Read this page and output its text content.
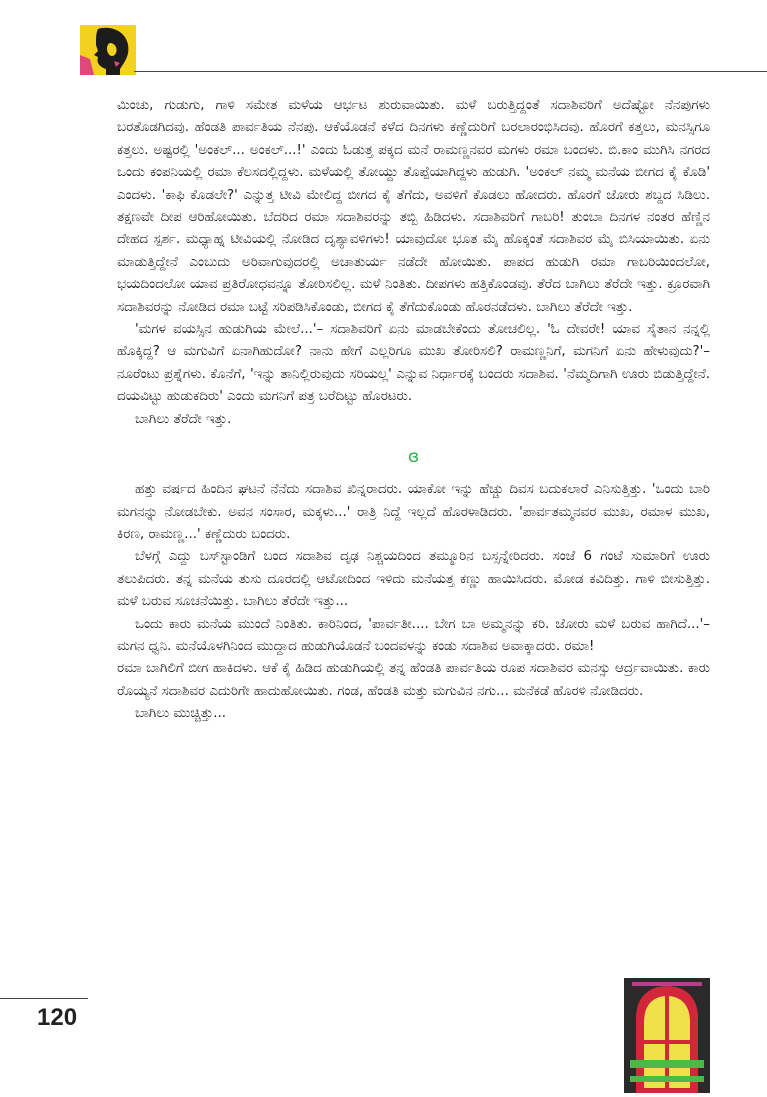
ಮಿಂಚು, ಗುಡುಗು, ಗಾಳಿ ಸಮೇತ ಮಳೆಯ ಆರ್ಭಟ ಶುರುವಾಯಿತು. ಮಳೆ ಬರುತ್ತಿದ್ದಂತೆ ಸದಾಶಿವರಿಗೆ ಅದೆಷ್ಟೋ ನೆನಪುಗಳು ಬರತೊಡಗಿದವು. ಹೆಂಡತಿ ಪಾರ್ವತಿಯ ನೆನಪು. ಆಕೆಯೊಡನೆ ಕಳೆದ ದಿನಗಳು ಕಣ್ಣೆದುರಿಗೆ ಬರಲಾರಂಭಿಸಿದವು. ಹೊರಗೆ ಕತ್ತಲು, ಮನಸ್ಸಿಗೂ ಕತ್ತಲು. ಅಷ್ಟರಲ್ಲಿ 'ಅಂಕಲ್... ಅಂಕಲ್...!' ಎಂದು ಓಡುತ್ತ ಪಕ್ಕದ ಮನೆ ರಾಮಣ್ಣನವರ ಮಗಳು ರಮಾ ಬಂದಳು. ಬಿ.ಕಾಂ ಮುಗಿಸಿ ನಗರದ ಒಂದು ಕಂಪನಿಯಲ್ಲಿ ರಮಾ ಕೆಲಸದಲ್ಲಿದ್ದಳು. ಮಳೆಯಲ್ಲಿ ತೋಯ್ದು ತೊಪ್ಪೆಯಾಗಿದ್ದಳು ಹುಡುಗಿ. 'ಅಂಕಲ್ ನಮ್ಮ ಮನೆಯ ಬೀಗದ ಕೈ ಕೊಡಿ' ಎಂದಳು. 'ಕಾಫಿ ಕೊಡಲೇ?' ಎನ್ನುತ್ತ ಟೀವಿ ಮೇಲಿದ್ದ ಬೀಗದ ಕೈ ತೆಗೆದು, ಅವಳಿಗೆ ಕೊಡಲು ಹೋದರು. ಹೊರಗೆ ಜೋರು ಶಬ್ದದ ಸಿಡಿಲು. ತಕ್ಷಣವೇ ದೀಪ ಆರಿಹೋಯಿತು. ಬೆದರಿದ ರಮಾ ಸದಾಶಿವರನ್ನು ತಬ್ಬಿ ಹಿಡಿದಳು. ಸದಾಶಿವರಿಗೆ ಗಾಬರಿ! ತುಂಬಾ ದಿನಗಳ ನಂತರ ಹೆಣ್ಣಿನ ದೇಹದ ಸ್ಪರ್ಶ. ಮಧ್ಯಾಹ್ನ ಟೀವಿಯಲ್ಲಿ ನೋಡಿದ ದೃಶ್ಯಾವಳಿಗಳು! ಯಾವುದೋ ಭೂತ ಮೈ ಹೊಕ್ಕಂತೆ ಸದಾಶಿವರ ಮೈ ಬಿಸಿಯಾಯಿತು. ಏನು ಮಾಡುತ್ತಿದ್ದೇನೆ ಎಂಬುದು ಅರಿವಾಗುವುದರಲ್ಲಿ ಅಚಾತುರ್ಯ ನಡೆದೇ ಹೋಯಿತು. ಪಾಪದ ಹುಡುಗಿ ರಮಾ ಗಾಬರಿಯಿಂದಲೋ, ಭಯದಿಂದಲೋ ಯಾವ ಪ್ರತಿರೋಧವನ್ನೂ ತೋರಿಸಲಿಲ್ಲ. ಮಳೆ ನಿಂತಿತು. ದೀಪಗಳು ಹತ್ತಿಕೊಂಡವು. ತೆರೆದ ಬಾಗಿಲು ತೆರೆದೇ ಇತ್ತು. ಕ್ರೂರವಾಗಿ ಸದಾಶಿವರನ್ನು ನೋಡಿದ ರಮಾ ಬಟ್ಟೆ ಸರಿಪಡಿಸಿಕೊಂಡು, ಬೀಗದ ಕೈ ತೆಗೆದುಕೊಂಡು ಹೊರನಡೆದಳು. ಬಾಗಿಲು ತೆರೆದೇ ಇತ್ತು.

'ಮಗಳ ವಯಸ್ಸಿನ ಹುಡುಗಿಯ ಮೇಲೆ...'– ಸದಾಶಿವರಿಗೆ ಏನು ಮಾಡಬೇಕೆಂದು ತೋಚಲಿಲ್ಲ. 'ಓ ದೇವರೇ! ಯಾವ ಸೈತಾನ ನನ್ನಲ್ಲಿ ಹೊಕ್ಕಿದ್ದ? ಆ ಮಗುವಿಗೆ ಏನಾಗಿಹುದೋ? ನಾನು ಹೇಗೆ ಎಲ್ಲರಿಗೂ ಮುಖ ತೋರಿಸಲಿ? ರಾಮಣ್ಣನಿಗೆ, ಮಗನಿಗೆ ಏನು ಹೇಳುವುದು?'– ನೂರೆಂಟು ಪ್ರಶ್ನೆಗಳು. ಕೊನೆಗೆ, 'ಇನ್ನು ತಾನಿಲ್ಲಿರುವುದು ಸರಿಯಲ್ಲ' ಎನ್ನುವ ನಿರ್ಧಾರಕ್ಕೆ ಬಂದರು ಸದಾಶಿವ. 'ನೆಮ್ಮದಿಗಾಗಿ ಊರು ಬಿಡುತ್ತಿದ್ದೇನೆ. ದಯವಿಟ್ಟು ಹುಡುಕದಿರು' ಎಂದು ಮಗನಿಗೆ ಪತ್ರ ಬರೆದಿಟ್ಟು ಹೊರಟರು.

ಬಾಗಿಲು ತೆರೆದೇ ಇತ್ತು.

ɞ

ಹತ್ತು ವರ್ಷದ ಹಿಂದಿನ ಘಟನೆ ನೆನೆದು ಸದಾಶಿವ ಖಿನ್ನರಾದರು. ಯಾಕೋ ಇನ್ನು ಹೆಚ್ಚು ದಿವಸ ಬದುಕಲಾರೆ ಎನಿಸುತ್ತಿತ್ತು. 'ಒಂದು ಬಾರಿ ಮಗನನ್ನು ನೋಡಬೇಕು. ಅವನ ಸಂಸಾರ, ಮಕ್ಕಳು...' ರಾತ್ರಿ ನಿದ್ದೆ ಇಲ್ಲದೆ ಹೊರಳಾಡಿದರು. 'ಪಾರ್ವತಮ್ಮನವರ ಮುಖ, ರಮಾಳ ಮುಖ, ಕಿರಣ, ರಾಮಣ್ಣ...' ಕಣ್ಣೆದುರು ಬಂದರು.

ಬೆಳಗ್ಗೆ ಎದ್ದು ಬಸ್‌ಸ್ಟಾಂಡಿಗೆ ಬಂದ ಸದಾಶಿವ ದೃಢ ನಿಶ್ಚಯದಿಂದ ತಮ್ಮೂರಿನ ಬಸ್ಸನ್ನೇರಿದರು. ಸಂಜೆ 6 ಗಂಟೆ ಸುಮಾರಿಗೆ ಊರು ತಲುಪಿದರು. ತನ್ನ ಮನೆಯ ತುಸು ದೂರದಲ್ಲಿ ಆಟೋದಿಂದ ಇಳಿದು ಮನೆಯತ್ತ ಕಣ್ಣು ಹಾಯಿಸಿದರು. ಮೋಡ ಕವಿದಿತ್ತು. ಗಾಳಿ ಬೀಸುತ್ತಿತ್ತು. ಮಳೆ ಬರುವ ಸೂಚನೆಯಿತ್ತು. ಬಾಗಿಲು ತೆರೆದೇ ಇತ್ತು...

ಒಂದು ಕಾರು ಮನೆಯ ಮುಂದೆ ನಿಂತಿತು. ಕಾರಿನಿಂದ, 'ಪಾರ್ವತೀ.... ಬೇಗ ಬಾ ಅಮ್ಮನನ್ನು ಕರಿ. ಜೋರು ಮಳೆ ಬರುವ ಹಾಗಿದೆ...'– ಮಗನ ಧ್ವನಿ. ಮನೆಯೊಳಗಿನಿಂದ ಮುದ್ದಾದ ಹುಡುಗಿಯೊಡನೆ ಬಂದವಳನ್ನು ಕಂಡು ಸದಾಶಿವ ಅವಾಕ್ಕಾದರು. ರಮಾ!

ರಮಾ ಬಾಗಿಲಿಗೆ ಬೀಗ ಹಾಕಿದಳು. ಆಕೆ ಕೈ ಹಿಡಿದ ಹುಡುಗಿಯಲ್ಲಿ ತನ್ನ ಹೆಂಡತಿ ಪಾರ್ವತಿಯ ರೂಪ ಸದಾಶಿವರ ಮನಸ್ಸು ಆರ್ದ್ರವಾಯಿತು. ಕಾರು ರೊಯ್ಯನೆ ಸದಾಶಿವರ ಎದುರಿಗೇ ಹಾದುಹೋಯಿತು. ಗಂಡ, ಹೆಂಡತಿ ಮತ್ತು ಮಗುವಿನ ನಗು... ಮನೆಕಡೆ ಹೊರಳಿ ನೋಡಿದರು.

ಬಾಗಿಲು ಮುಚ್ಚಿತ್ತು...

120
